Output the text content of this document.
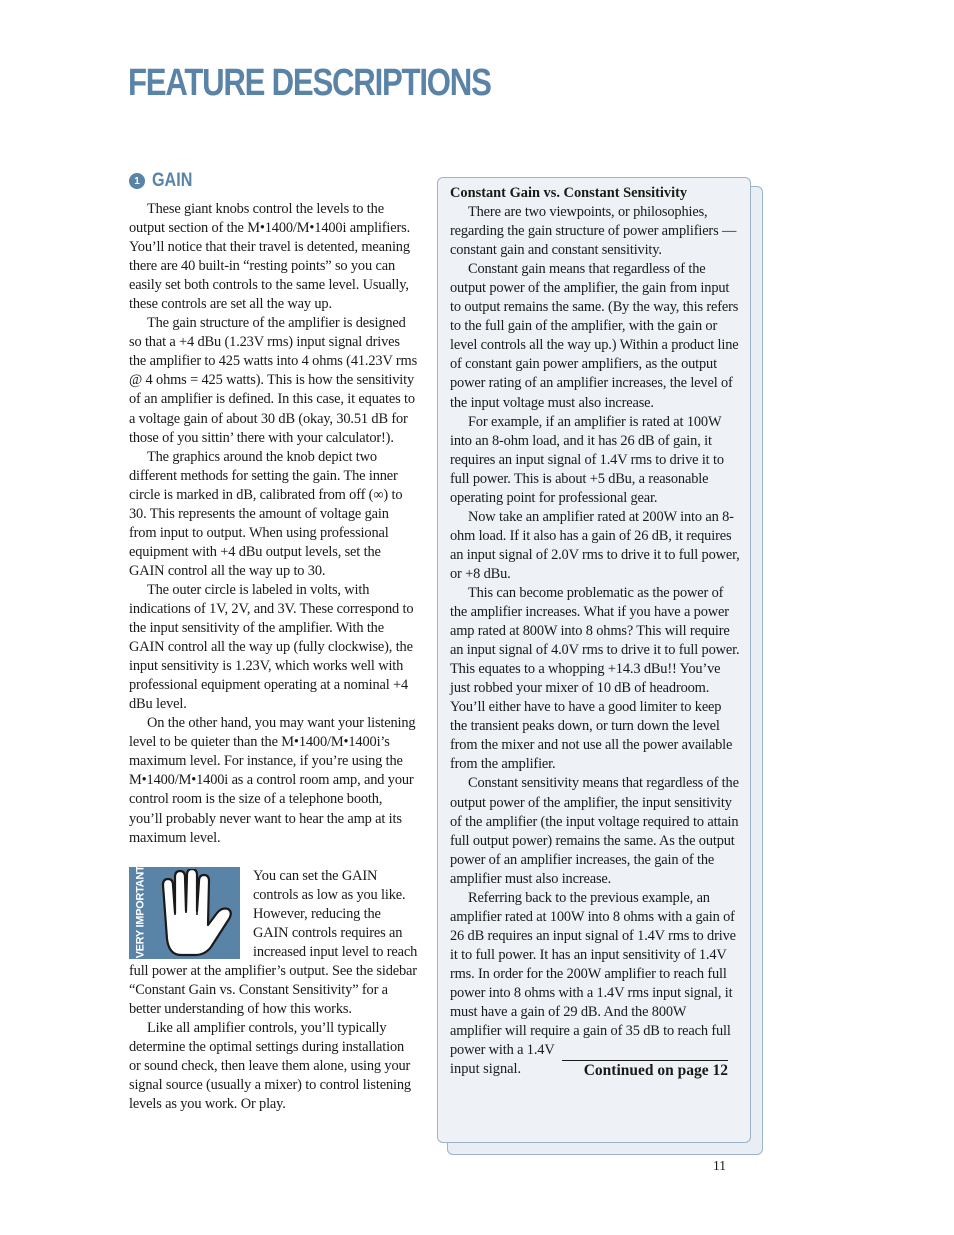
FEATURE DESCRIPTIONS
1 GAIN

These giant knobs control the levels to the output section of the M•1400/M•1400i amplifiers. You’ll notice that their travel is detented, meaning there are 40 built-in “resting points” so you can easily set both controls to the same level. Usually, these controls are set all the way up.

The gain structure of the amplifier is designed so that a +4 dBu (1.23V rms) input signal drives the amplifier to 425 watts into 4 ohms (41.23V rms @ 4 ohms = 425 watts). This is how the sensitivity of an amplifier is defined. In this case, it equates to a voltage gain of about 30 dB (okay, 30.51 dB for those of you sittin’ there with your calculator!).

The graphics around the knob depict two different methods for setting the gain. The inner circle is marked in dB, calibrated from off (∞) to 30. This represents the amount of voltage gain from input to output. When using professional equipment with +4 dBu output levels, set the GAIN control all the way up to 30.

The outer circle is labeled in volts, with indications of 1V, 2V, and 3V. These correspond to the input sensitivity of the amplifier. With the GAIN control all the way up (fully clockwise), the input sensitivity is 1.23V, which works well with professional equipment operating at a nominal +4 dBu level.

On the other hand, you may want your listening level to be quieter than the M•1400/M•1400i’s maximum level. For instance, if you’re using the M•1400/M•1400i as a control room amp, and your control room is the size of a telephone booth, you’ll probably never want to hear the amp at its maximum level.

VERY IMPORTANT	You can set the GAIN controls as low as you like. However, reducing the GAIN controls requires an increased input level to reach full power at the amplifier’s output. See the sidebar “Constant Gain vs. Constant Sensitivity” for a better understanding of how this works.

Like all amplifier controls, you’ll typically determine the optimal settings during installation or sound check, then leave them alone, using your signal source (usually a mixer) to control listening levels as you work. Or play.

Constant Gain vs. Constant Sensitivity

There are two viewpoints, or philosophies, regarding the gain structure of power amplifiers — constant gain and constant sensitivity.

Constant gain means that regardless of the output power of the amplifier, the gain from input to output remains the same. (By the way, this refers to the full gain of the amplifier, with the gain or level controls all the way up.) Within a product line of constant gain power amplifiers, as the output power rating of an amplifier increases, the level of the input voltage must also increase.

For example, if an amplifier is rated at 100W into an 8-ohm load, and it has 26 dB of gain, it requires an input signal of 1.4V rms to drive it to full power. This is about +5 dBu, a reasonable operating point for professional gear.

Now take an amplifier rated at 200W into an 8-ohm load. If it also has a gain of 26 dB, it requires an input signal of 2.0V rms to drive it to full power, or +8 dBu.

This can become problematic as the power of the amplifier increases. What if you have a power amp rated at 800W into 8 ohms? This will require an input signal of 4.0V rms to drive it to full power. This equates to a whopping +14.3 dBu!! You’ve just robbed your mixer of 10 dB of headroom. You’ll either have to have a good limiter to keep the transient peaks down, or turn down the level from the mixer and not use all the power available from the amplifier.

Constant sensitivity means that regardless of the output power of the amplifier, the input sensitivity of the amplifier (the input voltage required to attain full output power) remains the same. As the output power of an amplifier increases, the gain of the amplifier must also increase.

Referring back to the previous example, an amplifier rated at 100W into 8 ohms with a gain of 26 dB requires an input signal of 1.4V rms to drive it to full power. It has an input sensitivity of 1.4V rms. In order for the 200W amplifier to reach full power into 8 ohms with a 1.4V rms input signal, it must have a gain of 29 dB. And the 800W amplifier will require a gain of 35 dB to reach full power with a 1.4V

input signal.	Continued on page 12
11
